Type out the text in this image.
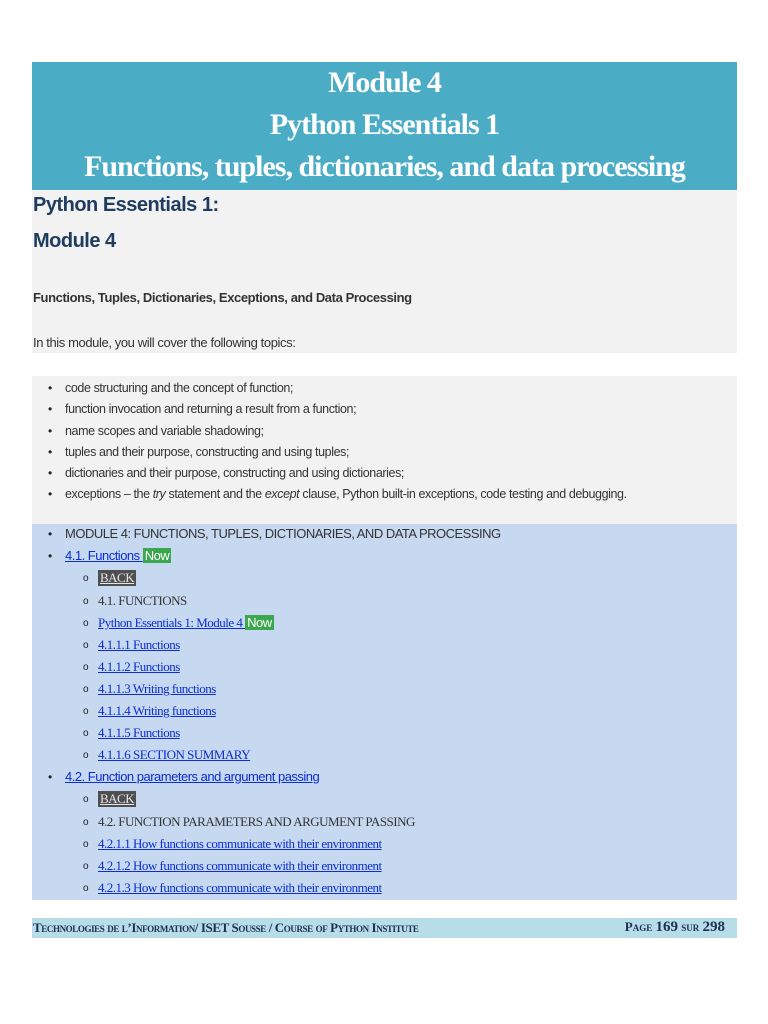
Module 4
Python Essentials 1
Functions, tuples, dictionaries, and data processing
Python Essentials 1:
Module 4
Functions, Tuples, Dictionaries, Exceptions, and Data Processing
In this module, you will cover the following topics:
• code structuring and the concept of function;
• function invocation and returning a result from a function;
• name scopes and variable shadowing;
• tuples and their purpose, constructing and using tuples;
• dictionaries and their purpose, constructing and using dictionaries;
• exceptions – the try statement and the except clause, Python built-in exceptions, code testing and debugging.
• MODULE 4: FUNCTIONS, TUPLES, DICTIONARIES, AND DATA PROCESSING
• 4.1. Functions Now
o BACK
o 4.1. FUNCTIONS
o Python Essentials 1: Module 4 Now
o 4.1.1.1 Functions
o 4.1.1.2 Functions
o 4.1.1.3 Writing functions
o 4.1.1.4 Writing functions
o 4.1.1.5 Functions
o 4.1.1.6 SECTION SUMMARY
• 4.2. Function parameters and argument passing
o BACK
o 4.2. FUNCTION PARAMETERS AND ARGUMENT PASSING
o 4.2.1.1 How functions communicate with their environment
o 4.2.1.2 How functions communicate with their environment
o 4.2.1.3 How functions communicate with their environment
Technologies de l’Information/ ISET Sousse / Course of Python Institute	Page 169 sur 298
